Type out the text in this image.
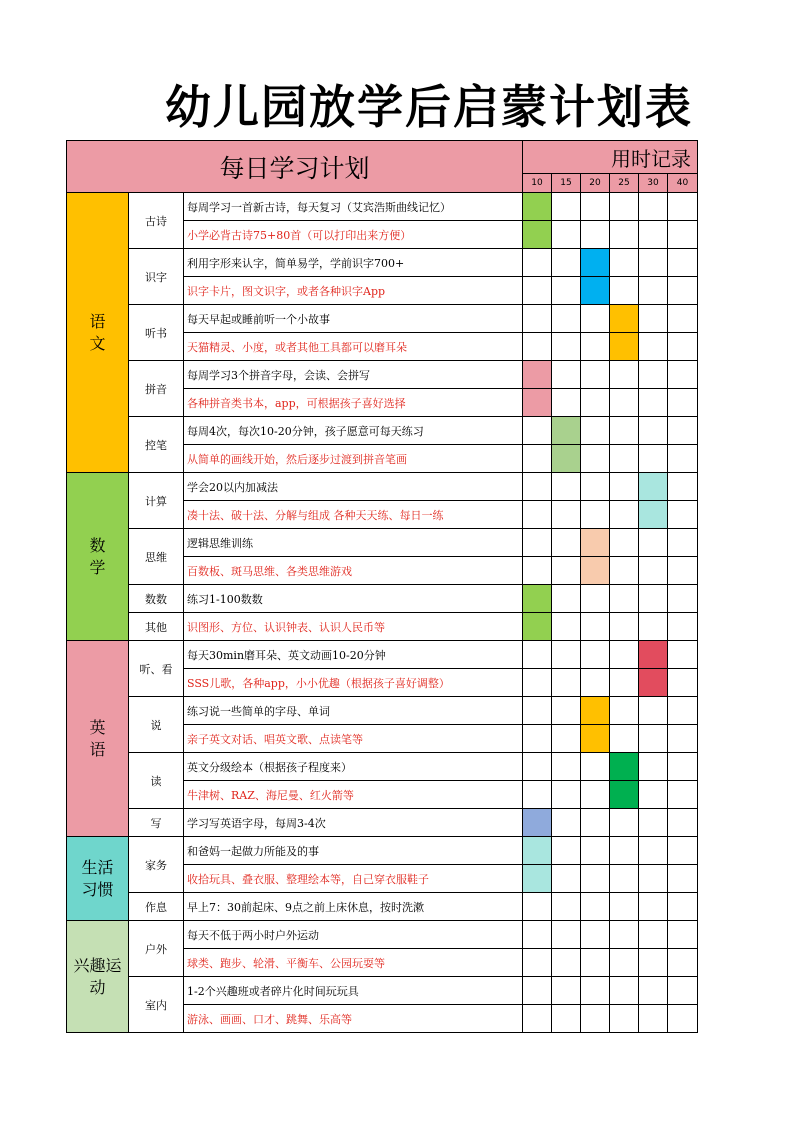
幼儿园放学后启蒙计划表
每日学习计划			用时记录					
			10	15	20	25	30	40
语
文	古诗	每周学习一首新古诗，每天复习（艾宾浩斯曲线记忆）						
		小学必背古诗75+80首（可以打印出来方便）						
	识字	利用字形来认字，简单易学，学前识字700+						
		识字卡片，图文识字，或者各种识字App						
	听书	每天早起或睡前听一个小故事						
		天猫精灵、小度，或者其他工具都可以磨耳朵						
	拼音	每周学习3个拼音字母，会读、会拼写						
		各种拼音类书本，app，可根据孩子喜好选择						
	控笔	每周4次，每次10-20分钟，孩子愿意可每天练习						
		从简单的画线开始，然后逐步过渡到拼音笔画						
数
学	计算	学会20以内加减法						
		凑十法、破十法、分解与组成 各种天天练、每日一练						
	思维	逻辑思维训练						
		百数板、斑马思维、各类思维游戏						
	数数	练习1-100数数						
	其他	识图形、方位、认识钟表、认识人民币等						
英
语	听、看	每天30min磨耳朵、英文动画10-20分钟						
		SSS儿歌，各种app，小小优趣（根据孩子喜好调整）						
	说	练习说一些简单的字母、单词						
		亲子英文对话、唱英文歌、点读笔等						
	读	英文分级绘本（根据孩子程度来）						
		牛津树、RAZ、海尼曼、红火箭等						
	写	学习写英语字母，每周3-4次						
生活
习惯	家务	和爸妈一起做力所能及的事						
		收拾玩具、叠衣服、整理绘本等，自己穿衣服鞋子						
	作息	早上7：30前起床、9点之前上床休息，按时洗漱						
兴趣运
动	户外	每天不低于两小时户外运动						
		球类、跑步、轮滑、平衡车、公园玩耍等						
	室内	1-2个兴趣班或者碎片化时间玩玩具						
		游泳、画画、口才、跳舞、乐高等						
